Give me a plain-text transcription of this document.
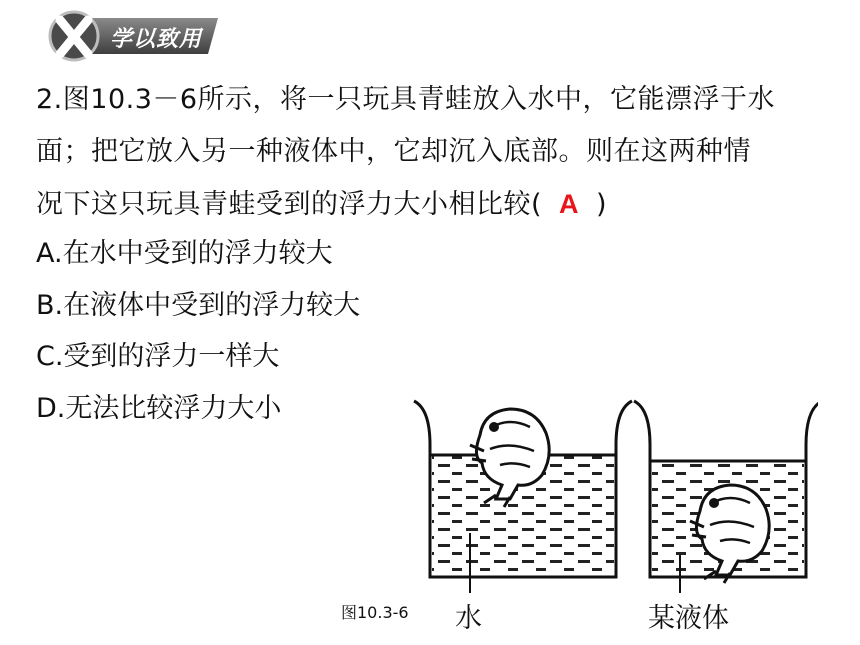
学以致用
2.图10.3－6所示，将一只玩具青蛙放入水中，它能漂浮于水
面；把它放入另一种液体中，它却沉入底部。则在这两种情
况下这只玩具青蛙受到的浮力大小相比较( A )
A.在水中受到的浮力较大
B.在液体中受到的浮力较大
C.受到的浮力一样大
D.无法比较浮力大小
图10.3-6 水	某液体
